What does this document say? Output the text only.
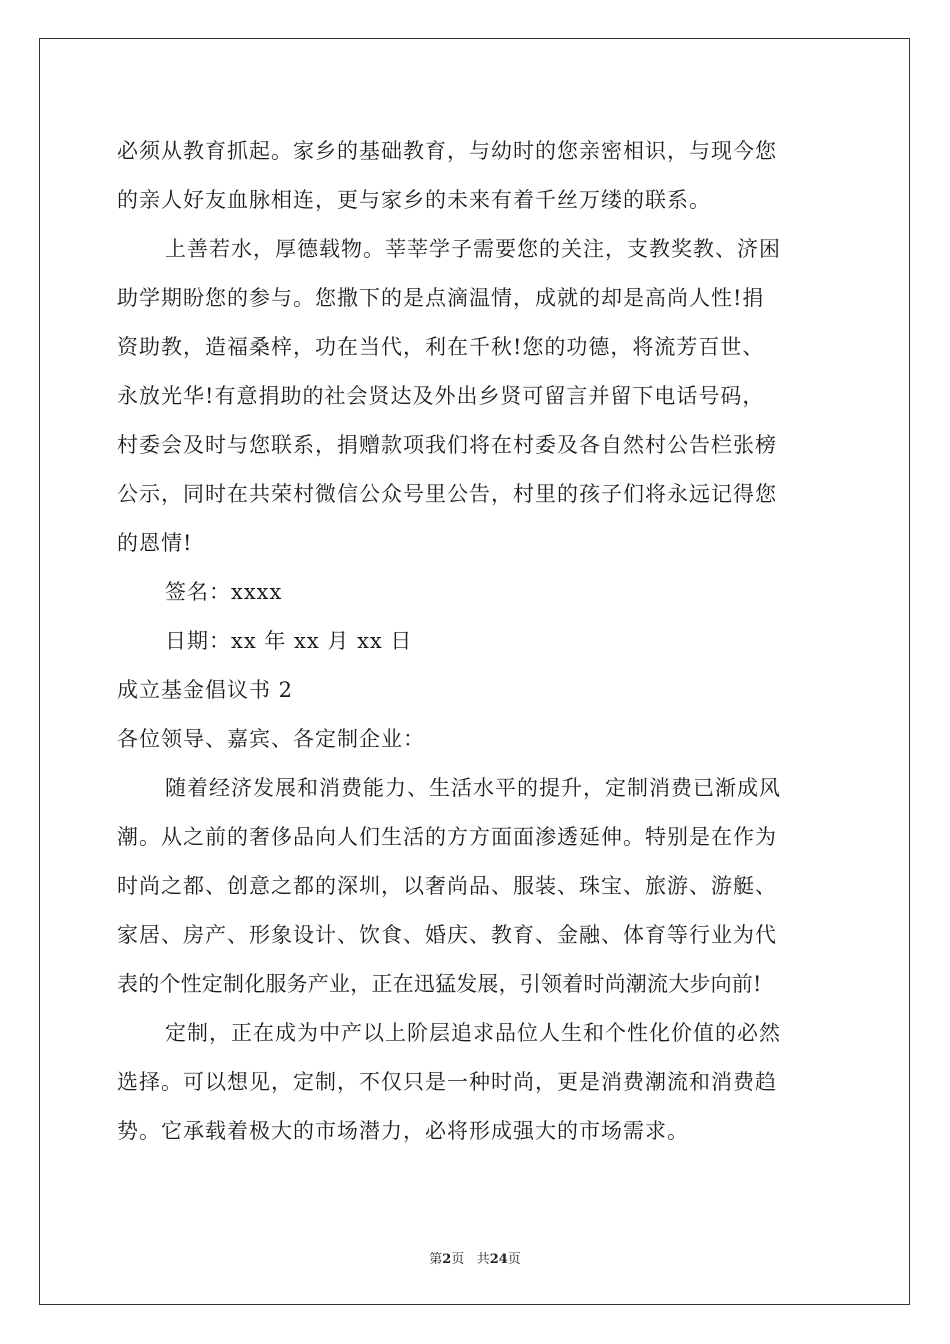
必须从教育抓起。家乡的基础教育，与幼时的您亲密相识，与现今您
的亲人好友血脉相连，更与家乡的未来有着千丝万缕的联系。
上善若水，厚德载物。莘莘学子需要您的关注，支教奖教、济困
助学期盼您的参与。您撒下的是点滴温情，成就的却是高尚人性!捐
资助教，造福桑梓，功在当代，利在千秋!您的功德，将流芳百世、
永放光华!有意捐助的社会贤达及外出乡贤可留言并留下电话号码，
村委会及时与您联系，捐赠款项我们将在村委及各自然村公告栏张榜
公示，同时在共荣村微信公众号里公告，村里的孩子们将永远记得您
的恩情!
签名：xxxx
日期：xx 年 xx 月 xx 日
成立基金倡议书 2
各位领导、嘉宾、各定制企业：
随着经济发展和消费能力、生活水平的提升，定制消费已渐成风
潮。从之前的奢侈品向人们生活的方方面面渗透延伸。特别是在作为
时尚之都、创意之都的深圳，以奢尚品、服装、珠宝、旅游、游艇、
家居、房产、形象设计、饮食、婚庆、教育、金融、体育等行业为代
表的个性定制化服务产业，正在迅猛发展，引领着时尚潮流大步向前!
定制，正在成为中产以上阶层追求品位人生和个性化价值的必然
选择。可以想见，定制，不仅只是一种时尚，更是消费潮流和消费趋
势。它承载着极大的市场潜力，必将形成强大的市场需求。
第2页 共24页
